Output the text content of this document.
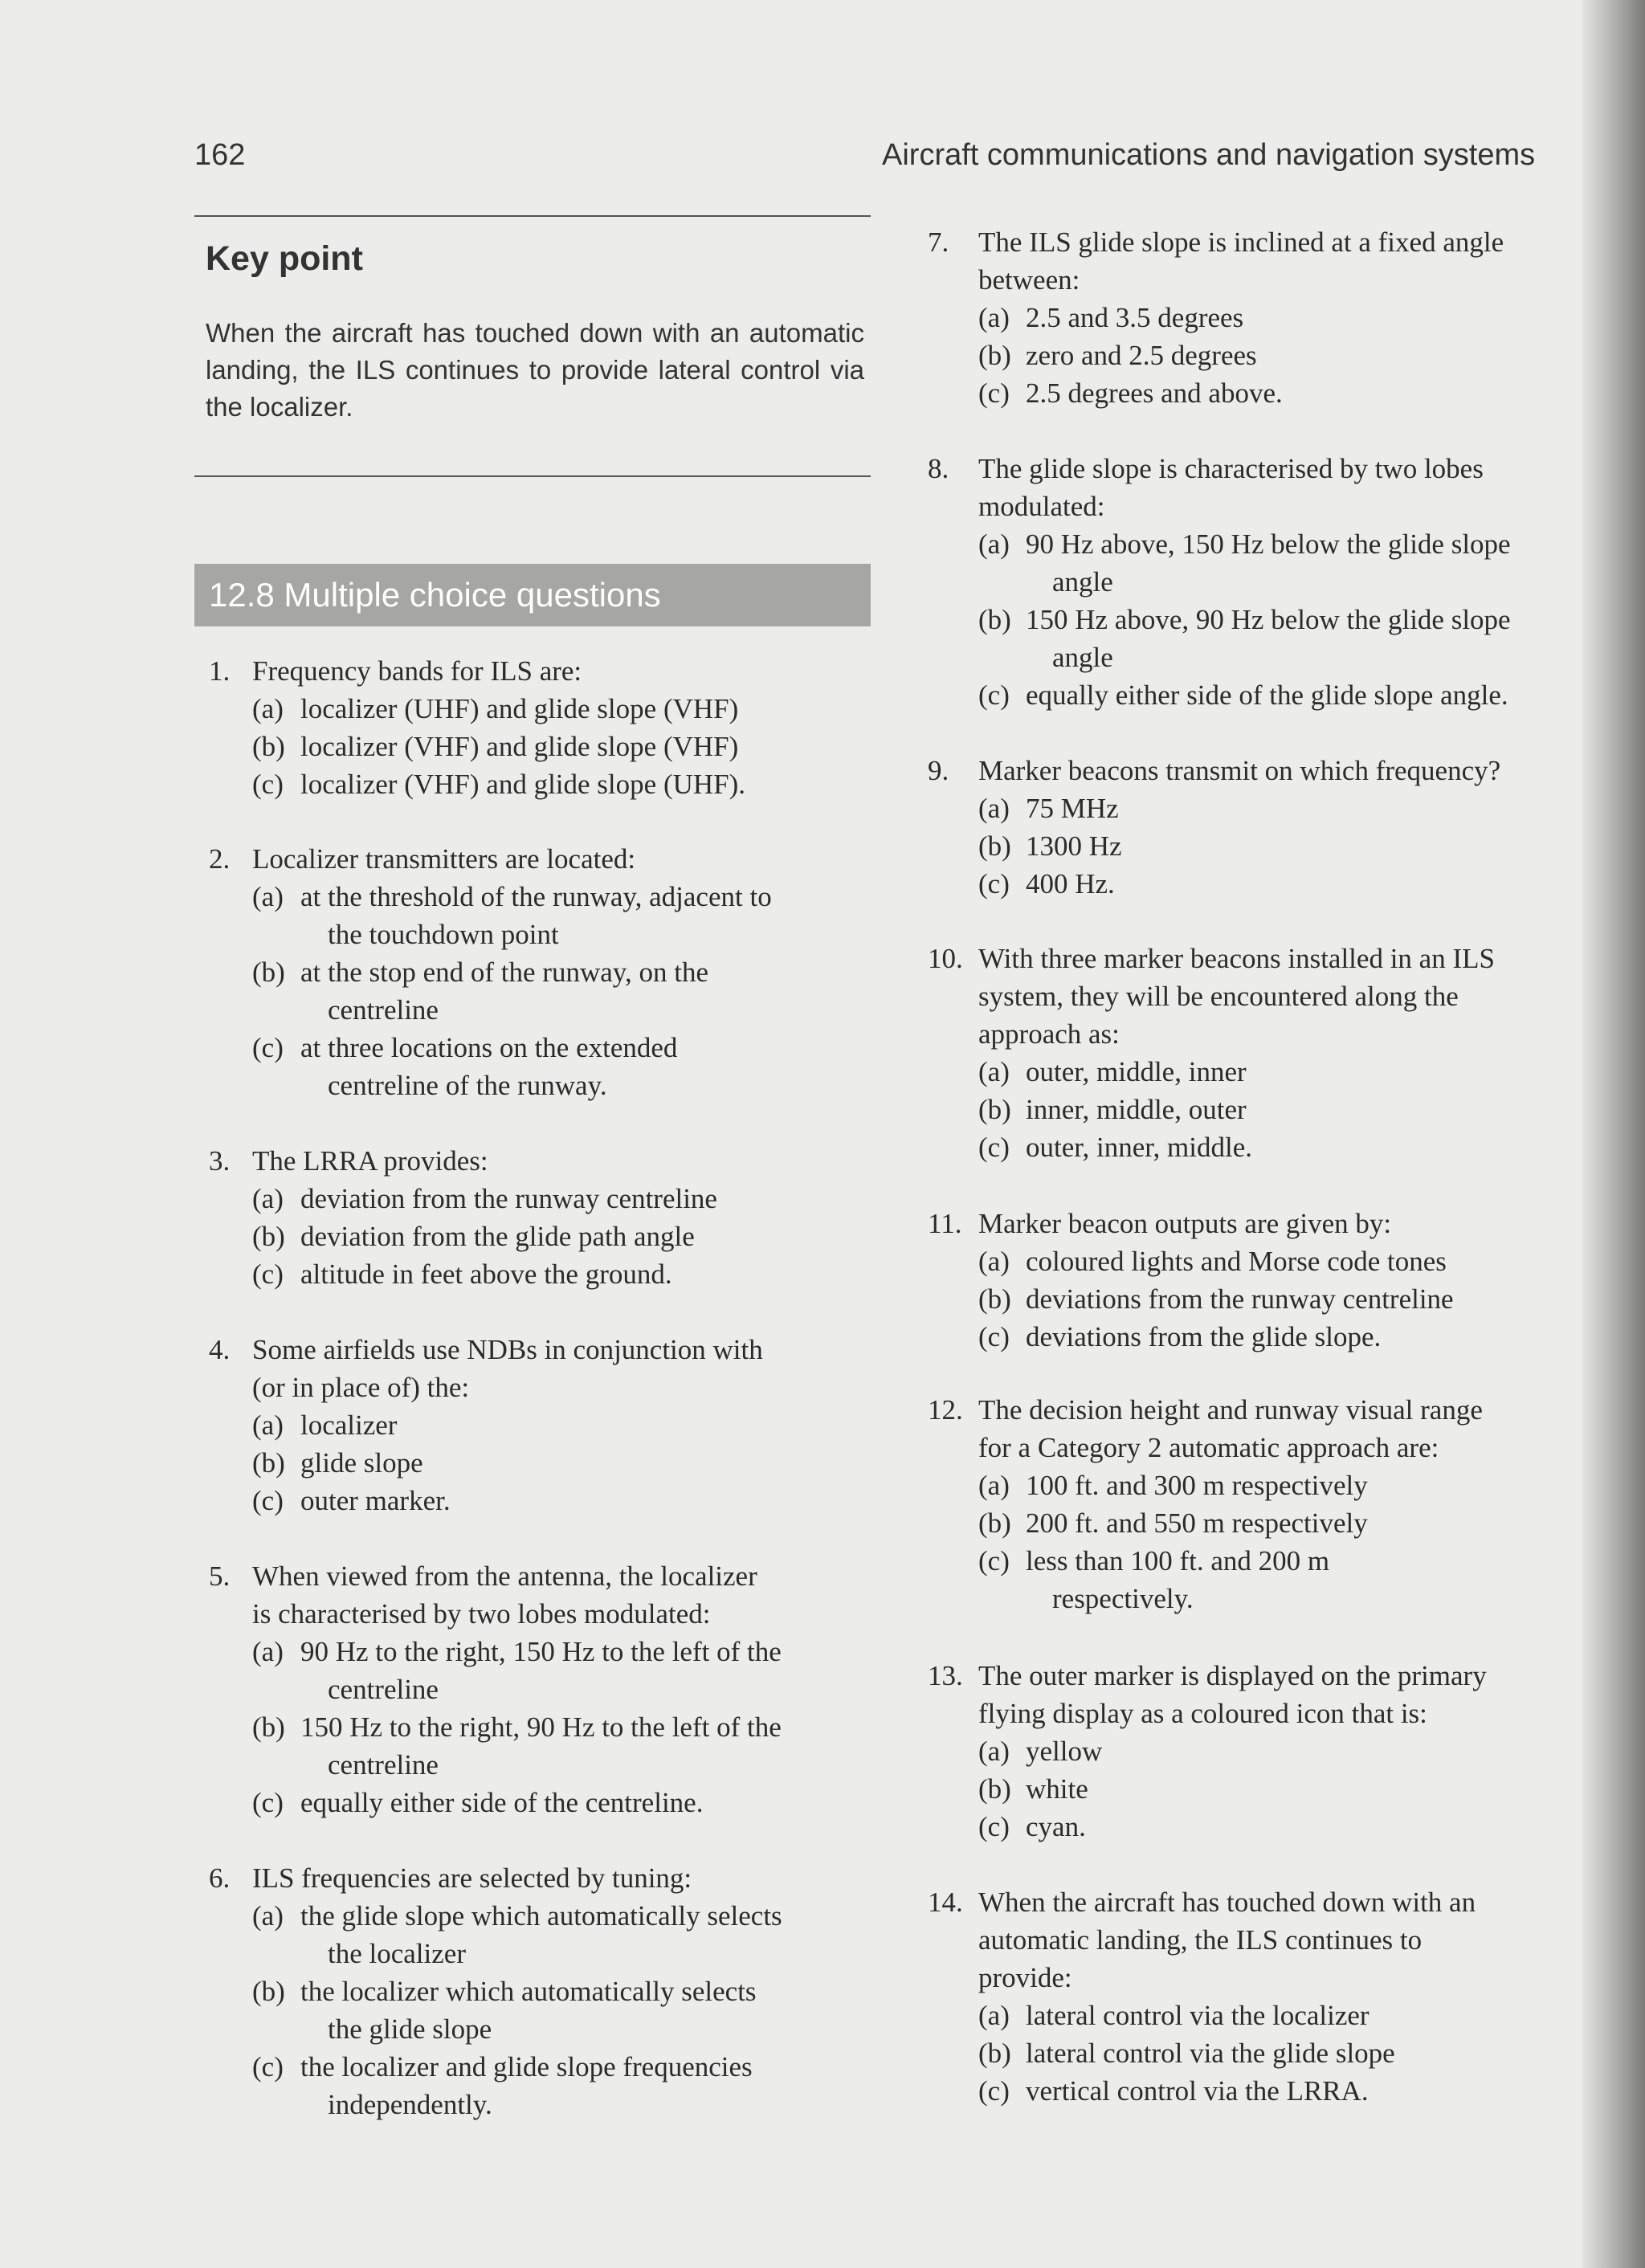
162	Aircraft communications and navigation systems
Key point
When the aircraft has touched down with an automatic landing, the ILS continues to provide lateral control via the localizer.
12.8 Multiple choice questions
1. Frequency bands for ILS are:
(a) localizer (UHF) and glide slope (VHF)
(b) localizer (VHF) and glide slope (VHF)
(c) localizer (VHF) and glide slope (UHF).
2. Localizer transmitters are located:
(a) at the threshold of the runway, adjacent to
the touchdown point
(b) at the stop end of the runway, on the
centreline
(c) at three locations on the extended
centreline of the runway.
3. The LRRA provides:
(a) deviation from the runway centreline
(b) deviation from the glide path angle
(c) altitude in feet above the ground.
4. Some airfields use NDBs in conjunction with
(or in place of) the:
(a) localizer
(b) glide slope
(c) outer marker.
5. When viewed from the antenna, the localizer
is characterised by two lobes modulated:
(a) 90 Hz to the right, 150 Hz to the left of the
centreline
(b) 150 Hz to the right, 90 Hz to the left of the
centreline
(c) equally either side of the centreline.
6. ILS frequencies are selected by tuning:
(a) the glide slope which automatically selects
the localizer
(b) the localizer which automatically selects
the glide slope
(c) the localizer and glide slope frequencies
independently.
7. The ILS glide slope is inclined at a fixed angle
between:
(a) 2.5 and 3.5 degrees
(b) zero and 2.5 degrees
(c) 2.5 degrees and above.
8. The glide slope is characterised by two lobes
modulated:
(a) 90 Hz above, 150 Hz below the glide slope
angle
(b) 150 Hz above, 90 Hz below the glide slope
angle
(c) equally either side of the glide slope angle.
9. Marker beacons transmit on which frequency?
(a) 75 MHz
(b) 1300 Hz
(c) 400 Hz.
10. With three marker beacons installed in an ILS
system, they will be encountered along the
approach as:
(a) outer, middle, inner
(b) inner, middle, outer
(c) outer, inner, middle.
11. Marker beacon outputs are given by:
(a) coloured lights and Morse code tones
(b) deviations from the runway centreline
(c) deviations from the glide slope.
12. The decision height and runway visual range
for a Category 2 automatic approach are:
(a) 100 ft. and 300 m respectively
(b) 200 ft. and 550 m respectively
(c) less than 100 ft. and 200 m
respectively.
13. The outer marker is displayed on the primary
flying display as a coloured icon that is:
(a) yellow
(b) white
(c) cyan.
14. When the aircraft has touched down with an
automatic landing, the ILS continues to
provide:
(a) lateral control via the localizer
(b) lateral control via the glide slope
(c) vertical control via the LRRA.
